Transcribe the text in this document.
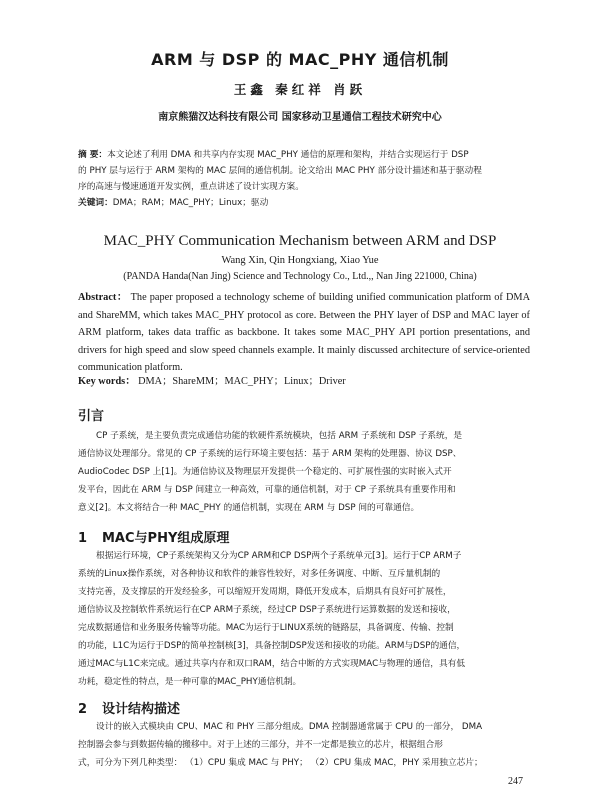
ARM 与 DSP 的 MAC_PHY 通信机制
王鑫 秦红祥 肖跃
南京熊猫汉达科技有限公司 国家移动卫星通信工程技术研究中心
摘 要：本文论述了利用 DMA 和共享内存实现 MAC_PHY 通信的原理和架构，并结合实现运行于 DSP
的 PHY 层与运行于 ARM 架构的 MAC 层间的通信机制。论文给出 MAC PHY 部分设计描述和基于驱动程
序的高速与慢速通道开发实例，重点讲述了设计实现方案。
关键词：DMA；RAM；MAC_PHY；Linux；驱动
MAC_PHY Communication Mechanism between ARM and DSP
Wang Xin, Qin Hongxiang, Xiao Yue
(PANDA Handa(Nan Jing) Science and Technology Co., Ltd.,, Nan Jing 221000, China)
Abstract： The paper proposed a technology scheme of building unified communication platform of DMA and ShareMM, which takes MAC_PHY protocol as core. Between the PHY layer of DSP and MAC layer of ARM platform, takes data traffic as backbone. It takes some MAC_PHY API portion presentations, and drivers for high speed and slow speed channels example. It mainly discussed architecture of service-oriented communication platform.
Key words： DMA；ShareMM；MAC_PHY；Linux；Driver
引言
CP 子系统，是主要负责完成通信功能的软硬件系统模块，包括 ARM 子系统和 DSP 子系统，是
通信协议处理部分。常见的 CP 子系统的运行环境主要包括：基于 ARM 架构的处理器、协议 DSP、
AudioCodec DSP 上[1]。为通信协议及物理层开发提供一个稳定的、可扩展性强的实时嵌入式开
发平台，因此在 ARM 与 DSP 间建立一种高效，可靠的通信机制，对于 CP 子系统具有重要作用和
意义[2]。本文将结合一种 MAC_PHY 的通信机制，实现在 ARM 与 DSP 间的可靠通信。
1 MAC与PHY组成原理
根据运行环境，CP子系统架构又分为CP ARM和CP DSP两个子系统单元[3]。运行于CP ARM子
系统的Linux操作系统，对各种协议和软件的兼容性较好，对多任务调度、中断、互斥量机制的
支持完善，及支撑层的开发经验多，可以缩短开发周期，降低开发成本，后期具有良好可扩展性，
通信协议及控制软件系统运行在CP ARM子系统，经过CP DSP子系统进行运算数据的发送和接收，
完成数据通信和业务服务传输等功能。MAC为运行于LINUX系统的链路层，具备调度、传输、控制
的功能，L1C为运行于DSP的简单控制核[3]，具备控制DSP发送和接收的功能。ARM与DSP的通信，
通过MAC与L1C来完成。通过共享内存和双口RAM，结合中断的方式实现MAC与物理的通信，具有低
功耗，稳定性的特点，是一种可靠的MAC_PHY通信机制。
2 设计结构描述
设计的嵌入式模块由 CPU、MAC 和 PHY 三部分组成。DMA 控制器通常属于 CPU 的一部分， DMA
控制器会参与到数据传输的搬移中。对于上述的三部分，并不一定都是独立的芯片，根据组合形
式，可分为下列几种类型： （1）CPU 集成 MAC 与 PHY； （2）CPU 集成 MAC，PHY 采用独立芯片；
247
